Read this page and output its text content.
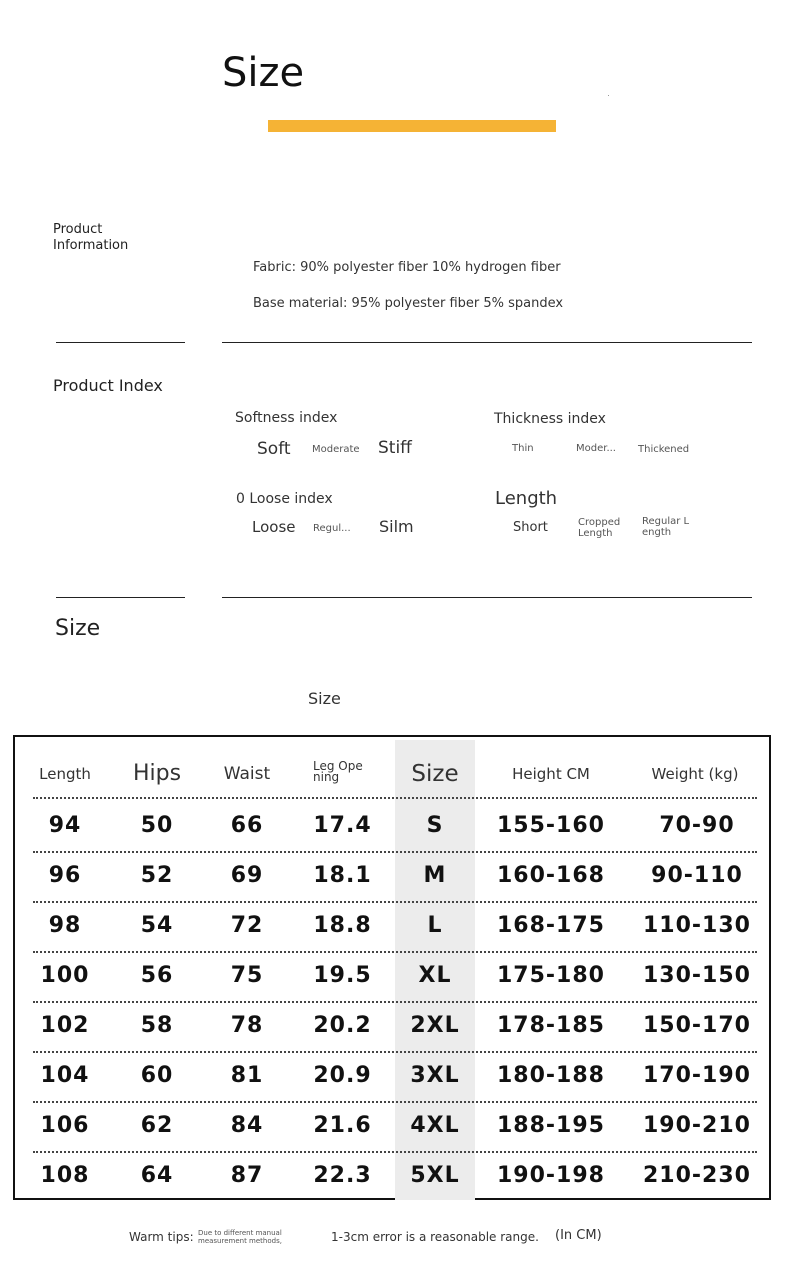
Size
Product Information
Fabric: 90% polyester fiber 10% hydrogen fiber
Base material: 95% polyester fiber 5% spandex
Product Index
Softness index
Soft Moderate Stiff
Thickness index
Thin	Moder... Thickened
0 Loose index
Loose Regul... Silm
Length
Short	Cropped Length
Regular L ength
Size
Size
Length	Hips	Waist	Leg Ope ning	Size	Height CM	Weight (kg)
94	50	66	17.4	S	155-160	70-90
96	52	69	18.1	M	160-168	90-110
98	54	72	18.8	L	168-175	110-130
100	56	75	19.5	XL	175-180	130-150
102	58	78	20.2	2XL	178-185	150-170
104	60	81	20.9	3XL	180-188	170-190
106	62	84	21.6	4XL	188-195	190-210
108	64	87	22.3	5XL	190-198	210-230
Warm tips: Due to different manual measurement methods,	1-3cm error is a reasonable range. (In CM)
